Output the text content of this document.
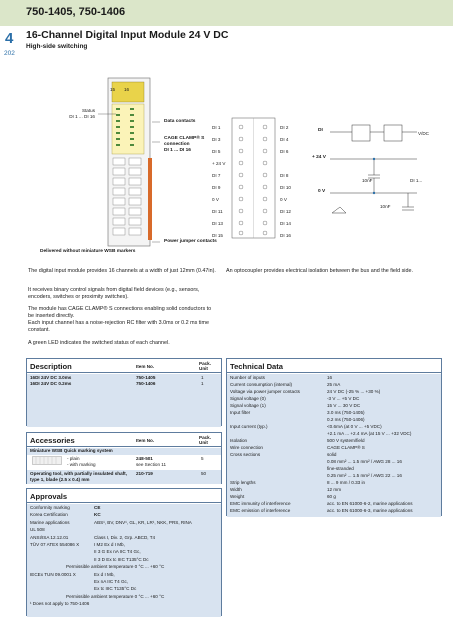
750-1405, 750-1406
4
202
16-Channel Digital Input Module 24 V DC
High-side switching
Status
DI 1 ... DI 16
15 16
Data contacts
CAGE CLAMP® S
connection
DI 1 ... DI 16
Power jumper contacts
Delivered without miniature WSB markers
DI 1
DI 3
DI 5
+ 24 V
DI 7
DI 9
0 V
DI 11
DI 13
DI 15
DI 2
DI 4
DI 6
DI 8
DI 10
0 V
DI 12
DI 14
DI 16
DI
+ 24 V
0 V
10nF
10nF
DI 1...
V/DC
The digital input module provides 16 channels at a width of just 12mm (0.47in).
It receives binary control signals from digital field devices (e.g., sensors, encoders, switches or proximity switches).
The module has CAGE CLAMP® S connections enabling solid conductors to be inserted directly.
Each input channel has a noise-rejection RC filter with 3.0ms or 0.2 ms time constant.
A green LED indicates the switched status of each channel.
An optocoupler provides electrical isolation between the bus and the field side.
Description	Item No.
Pack.
Unit
16DI 24V DC 3.0ms	750-1405	1
16DI 24V DC 0.2ms	750-1406	1
Accessories	Item No.
Pack.
Unit
Miniature WSB Quick marking system
- plain	248-501	5
- with marking	see Section 11
Operating tool, with partially insulated shaft, type 1, blade (2.5 x 0.4) mm
210-719	50
Approvals
Conformity marking	CE
Korea Certification	KC
Marine applications	ABS¹, BV, DNV¹, GL, KR, LR¹, NKK, PRS, RINA
UL 508
ANSI/ISA 12.12.01	Class I, Div. 2, Grp. ABCD, T4
TÜV 07 ATEX 554086 X	I M2 Ex d I Mb,
II 3 G Ex nA IIC T4 Gc,
II 3 D Ex tc IIIC T135°C Dc
Permissible ambient temperature 0 °C ... +60 °C
IECEx TUN 09.0001 X	Ex d I Mb,
Ex nA IIC T4 Gc,
Ex tc IIIC T135°C Dc
Permissible ambient temperature 0 °C ... +60 °C
¹ Does not apply to 750-1406
Technical Data
Number of inputs	16
Current consumption (internal)	25 mA
Voltage via power jumper contacts	24 V DC (-25 % ... +30 %)
Signal voltage (0)	-3 V ... +5 V DC
Signal voltage (1)	15 V ... 30 V DC
Input filter	3.0 ms (750-1405)
0.2 ms (750-1406)
Input current (typ.)	<0.6mA (at 0 V ... +5 VDC)
+2.1 mA ... +2.4 mA (at 15 V ... +32 VDC)
Isolation	500 V system/field
Wire connection	CAGE CLAMP® S
Cross sections	solid
0.08 mm² ... 1.5 mm² / AWG 28 ... 16
fine-stranded
0.25 mm² ... 1.5 mm² / AWG 22 ... 16
Strip lengths	8 ... 9 mm / 0.33 in
Width	12 mm
Weight	60 g
EMC immunity of interference	acc. to EN 61000-6-2, marine applications
EMC emission of interference	acc. to EN 61000-6-3, marine applications
